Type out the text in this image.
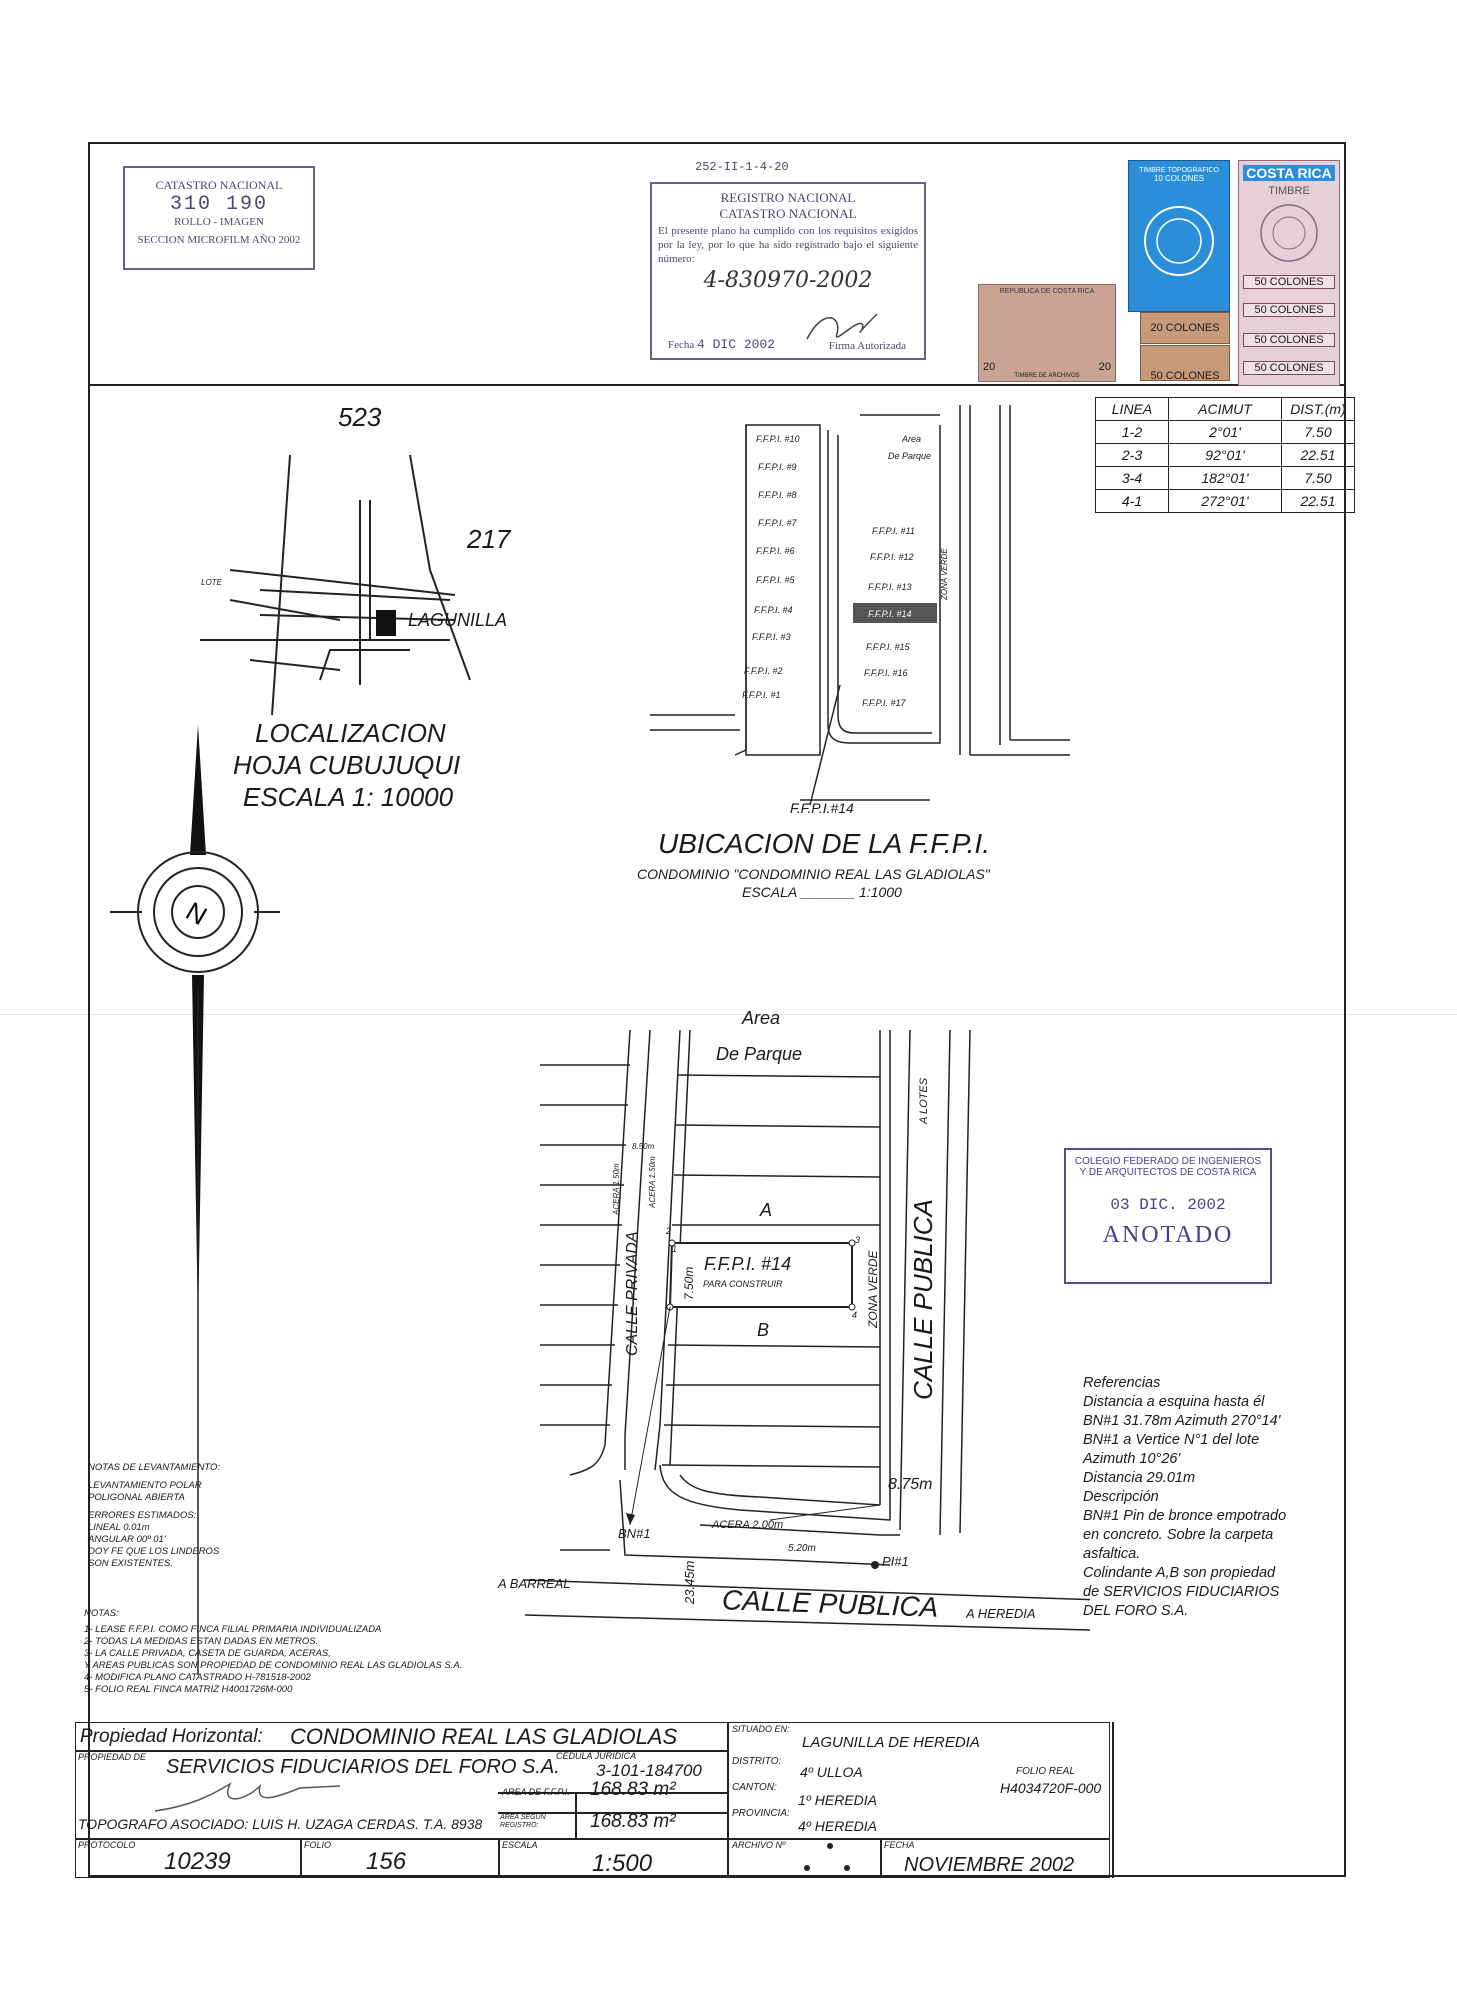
CATASTRO NACIONAL
310 190
ROLLO - IMAGEN
SECCION MICROFILM AÑO 2002
252-II-1-4-20
REGISTRO NACIONAL
CATASTRO NACIONAL
El presente plano ha cumplido con los requisitos exigidos por la ley, por lo que ha sido registrado bajo el siguiente número:
4-830970-2002
Fecha 4 DIC 2002	Firma Autorizada
REPUBLICA DE COSTA RICA
20	20
TIMBRE DE ARCHIVOS
TIMBRE TOPOGRAFICO
10 COLONES
20 COLONES
50 COLONES
COSTA RICA
TIMBRE
50 COLONES
50 COLONES
50 COLONES
50 COLONES
LINEA	ACIMUT	DIST.(m)
1-2	2°01'	7.50
2-3	92°01'	22.51
3-4	182°01'	7.50
4-1	272°01'	22.51
523
217
LOTE
LAGUNILLA
LOCALIZACION
HOJA CUBUJUQUI
ESCALA 1: 10000
N
F.F.P.I. #10
F.F.P.I. #9
F.F.P.I. #8
F.F.P.I. #7
F.F.P.I. #6
F.F.P.I. #5
F.F.P.I. #4
F.F.P.I. #3
F.F.P.I. #2
F.F.P.I. #1
F.F.P.I. #11
F.F.P.I. #12
F.F.P.I. #13
F.F.P.I. #14
F.F.P.I. #15
F.F.P.I. #16
F.F.P.I. #17
Area
De Parque
ZONA VERDE
F.F.P.I.#14
UBICACION DE LA F.F.P.I.
CONDOMINIO "CONDOMINIO REAL LAS GLADIOLAS"
ESCALA _______ 1:1000
Area
De Parque
A LOTES
A
F.F.P.I. #14
PARA CONSTRUIR
B
7.50m
ACERA 1.50m	ACERA 1.50m
8.50m
CALLE PRIVADA	ZONA VERDE CALLE PUBLICA
8.75m
ACERA 2.00m
5.20m
PI#1
BN#1
23.45m
A BARREAL
A HEREDIA
CALLE PUBLICA
1
2
3
4
COLEGIO FEDERADO DE INGENIEROS
Y DE ARQUITECTOS DE COSTA RICA
03 DIC. 2002
ANOTADO
Referencias
Distancia a esquina hasta él
BN#1 31.78m Azimuth 270°14'
BN#1 a Vertice N°1 del lote
Azimuth 10°26'
Distancia 29.01m
Descripción
BN#1 Pin de bronce empotrado
en concreto. Sobre la carpeta
asfaltica.
Colindante A,B son propiedad
de SERVICIOS FIDUCIARIOS
DEL FORO S.A.
NOTAS DE LEVANTAMIENTO:
LEVANTAMIENTO POLAR
POLIGONAL ABIERTA
ERRORES ESTIMADOS:
LINEAL 0.01m
ANGULAR 00º 01'
DOY FE QUE LOS LINDEROS
SON EXISTENTES.
NOTAS:
1- LEASE F.F.P.I. COMO FINCA FILIAL PRIMARIA INDIVIDUALIZADA
2- TODAS LA MEDIDAS ESTAN DADAS EN METROS.
3- LA CALLE PRIVADA, CASETA DE GUARDA, ACERAS,
Y AREAS PUBLICAS SON PROPIEDAD DE CONDOMINIO REAL LAS GLADIOLAS S.A.
4- MODIFICA PLANO CATASTRADO H-781518-2002
5- FOLIO REAL FINCA MATRIZ H4001726M-000
Propiedad Horizontal: CONDOMINIO REAL LAS GLADIOLAS
PROPIEDAD DE SERVICIOS FIDUCIARIOS DEL FORO S.A.
CEDULA JURIDICA
3-101-184700
AREA DE F.F.P.I. 168.83 m²
AREA SEGUN REGISTRO:	168.83 m²
TOPOGRAFO ASOCIADO: LUIS H. UZAGA CERDAS. T.A. 8938
PROTOCOLO
10239
FOLIO
156
ESCALA
1:500
SITUADO EN:
LAGUNILLA DE HEREDIA
DISTRITO:
4º ULLOA
CANTON:
1º HEREDIA
PROVINCIA:
4º HEREDIA
FOLIO REAL
H4034720F-000
ARCHIVO Nº	FECHA
NOVIEMBRE 2002
